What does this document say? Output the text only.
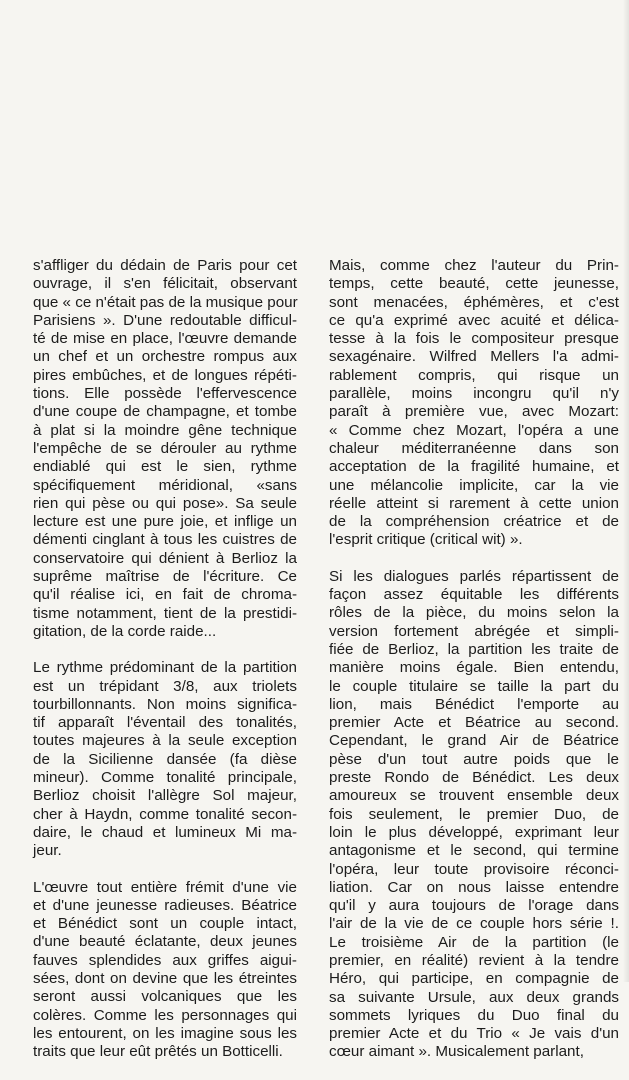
s'affliger du dédain de Paris pour cet
ouvrage, il s'en félicitait, observant
que « ce n'était pas de la musique pour
Parisiens ». D'une redoutable difficul-
té de mise en place, l'œuvre demande
un chef et un orchestre rompus aux
pires embûches, et de longues répéti-
tions. Elle possède l'effervescence
d'une coupe de champagne, et tombe
à plat si la moindre gêne technique
l'empêche de se dérouler au rythme
endiablé qui est le sien, rythme
spécifiquement méridional, «sans
rien qui pèse ou qui pose». Sa seule
lecture est une pure joie, et inflige un
démenti cinglant à tous les cuistres de
conservatoire qui dénient à Berlioz la
suprême maîtrise de l'écriture. Ce
qu'il réalise ici, en fait de chroma-
tisme notamment, tient de la prestidi-
gitation, de la corde raide...
Le rythme prédominant de la partition
est un trépidant 3/8, aux triolets
tourbillonnants. Non moins significa-
tif apparaît l'éventail des tonalités,
toutes majeures à la seule exception
de la Sicilienne dansée (fa dièse
mineur). Comme tonalité principale,
Berlioz choisit l'allègre Sol majeur,
cher à Haydn, comme tonalité secon-
daire, le chaud et lumineux Mi ma-
jeur.
L'œuvre tout entière frémit d'une vie
et d'une jeunesse radieuses. Béatrice
et Bénédict sont un couple intact,
d'une beauté éclatante, deux jeunes
fauves splendides aux griffes aigui-
sées, dont on devine que les étreintes
seront aussi volcaniques que les
colères. Comme les personnages qui
les entourent, on les imagine sous les
traits que leur eût prêtés un Botticelli.
Mais, comme chez l'auteur du Prin-
temps, cette beauté, cette jeunesse,
sont menacées, éphémères, et c'est
ce qu'a exprimé avec acuité et délica-
tesse à la fois le compositeur presque
sexagénaire. Wilfred Mellers l'a admi-
rablement compris, qui risque un
parallèle, moins incongru qu'il n'y
paraît à première vue, avec Mozart:
« Comme chez Mozart, l'opéra a une
chaleur méditerranéenne dans son
acceptation de la fragilité humaine, et
une mélancolie implicite, car la vie
réelle atteint si rarement à cette union
de la compréhension créatrice et de
l'esprit critique (critical wit) ».
Si les dialogues parlés répartissent de
façon assez équitable les différents
rôles de la pièce, du moins selon la
version fortement abrégée et simpli-
fiée de Berlioz, la partition les traite de
manière moins égale. Bien entendu,
le couple titulaire se taille la part du
lion, mais Bénédict l'emporte au
premier Acte et Béatrice au second.
Cependant, le grand Air de Béatrice
pèse d'un tout autre poids que le
preste Rondo de Bénédict. Les deux
amoureux se trouvent ensemble deux
fois seulement, le premier Duo, de
loin le plus développé, exprimant leur
antagonisme et le second, qui termine
l'opéra, leur toute provisoire réconci-
liation. Car on nous laisse entendre
qu'il y aura toujours de l'orage dans
l'air de la vie de ce couple hors série !.
Le troisième Air de la partition (le
premier, en réalité) revient à la tendre
Héro, qui participe, en compagnie de
sa suivante Ursule, aux deux grands
sommets lyriques du Duo final du
premier Acte et du Trio « Je vais d'un
cœur aimant ». Musicalement parlant,
